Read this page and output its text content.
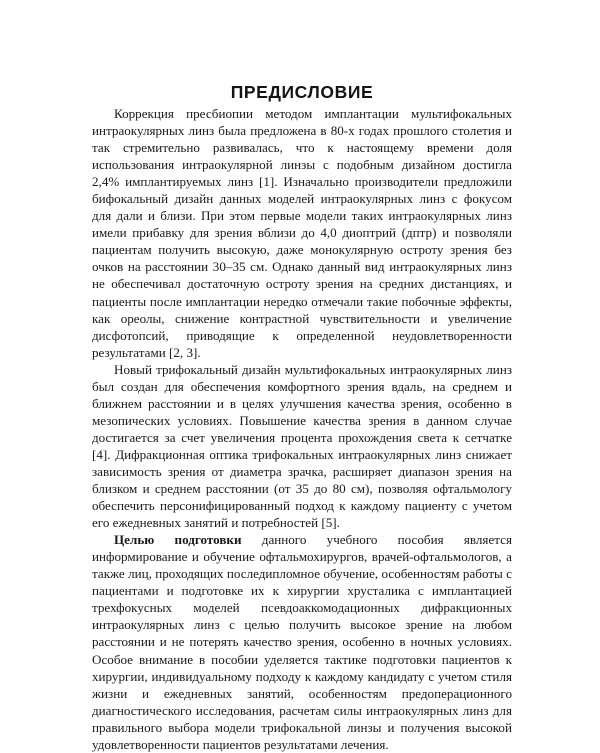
ПРЕДИСЛОВИЕ

Коррекция пресбиопии методом имплантации мультифокальных интраокулярных линз была предложена в 80-х годах прошлого столетия и так стремительно развивалась, что к настоящему времени доля использования интраокулярной линзы с подобным дизайном достигла 2,4% имплантируемых линз [1]. Изначально производители предложили бифокальный дизайн данных моделей интраокулярных линз с фокусом для дали и близи. При этом первые модели таких интраокулярных линз имели прибавку для зрения вблизи до 4,0 диоптрий (дптр) и позволяли пациентам получить высокую, даже монокулярную остроту зрения без очков на расстоянии 30–35 см. Однако данный вид интраокулярных линз не обеспечивал достаточную остроту зрения на средних дистанциях, и пациенты после имплантации нередко отмечали такие побочные эффекты, как ореолы, снижение контрастной чувствительности и увеличение дисфотопсий, приводящие к определенной неудовлетворенности результатами [2, 3].

Новый трифокальный дизайн мультифокальных интраокулярных линз был создан для обеспечения комфортного зрения вдаль, на среднем и ближнем расстоянии и в целях улучшения качества зрения, особенно в мезопических условиях. Повышение качества зрения в данном случае достигается за счет увеличения процента прохождения света к сетчатке [4]. Дифракционная оптика трифокальных интраокулярных линз снижает зависимость зрения от диаметра зрачка, расширяет диапазон зрения на близком и среднем расстоянии (от 35 до 80 см), позволяя офтальмологу обеспечить персонифицированный подход к каждому пациенту с учетом его ежедневных занятий и потребностей [5].

Целью подготовки данного учебного пособия является информирование и обучение офтальмохирургов, врачей-офтальмологов, а также лиц, проходящих последипломное обучение, особенностям работы с пациентами и подготовке их к хирургии хрусталика с имплантацией трехфокусных моделей псевдоаккомодационных дифракционных интраокулярных линз с целью получить высокое зрение на любом расстоянии и не потерять качество зрения, особенно в ночных условиях. Особое внимание в пособии уделяется тактике подготовки пациентов к хирургии, индивидуальному подходу к каждому кандидату с учетом стиля жизни и ежедневных занятий, особенностям предоперационного диагностического исследования, расчетам силы интраокулярных линз для правильного выбора модели трифокальной линзы и получения высокой удовлетворенности пациентов результатами лечения.
